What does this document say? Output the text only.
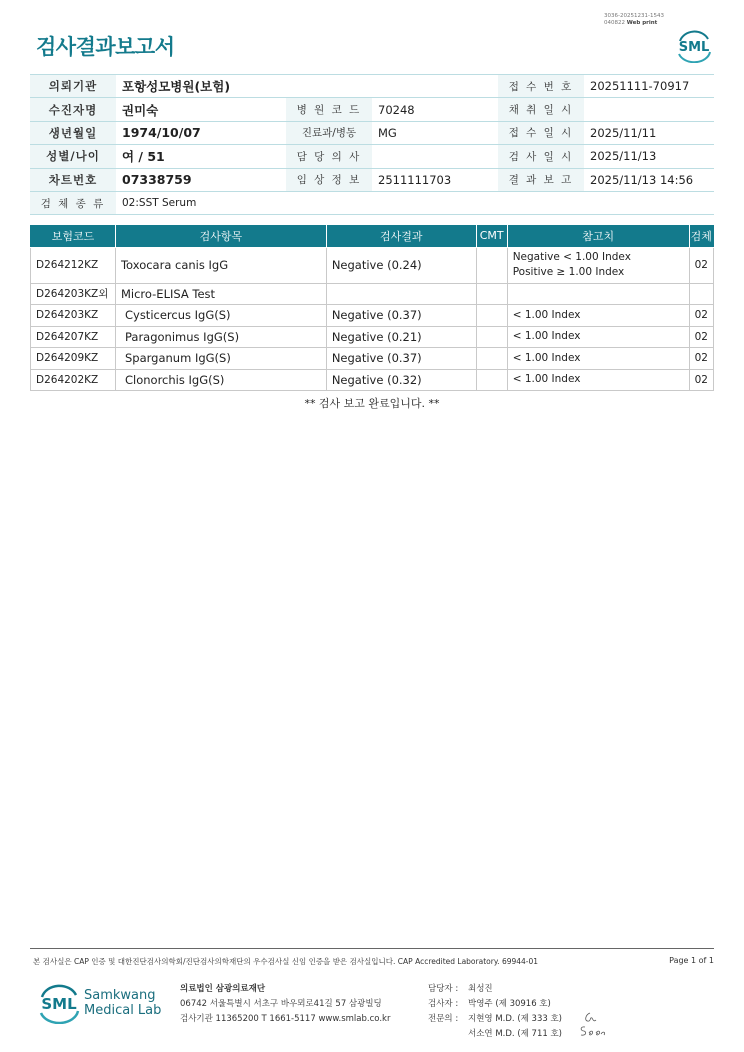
3036-20251231-1543
040822 Web print
검사결과보고서	SML
의뢰기관	포항성모병원(보험)			접 수 번 호	20251111-70917
수진자명	권미숙	병 원 코 드	70248	채 취 일 시	
생년월일	1974/10/07	진료과/병동	MG	접 수 일 시	2025/11/11
성별/나이	여 / 51	담 당 의 사		검 사 일 시	2025/11/13
차트번호	07338759	임 상 정 보	2511111703	결 과 보 고	2025/11/13 14:56
검 체 종 류	02:SST Serum				
보험코드	검사항목	검사결과	CMT	참고치	검체
D264212KZ	Toxocara canis IgG	Negative (0.24)		Negative < 1.00 Index
Positive ≥ 1.00 Index	02
D264203KZ외	Micro-ELISA Test				
D264203KZ	Cysticercus IgG(S)	Negative (0.37)		< 1.00 Index	02
D264207KZ	Paragonimus IgG(S)	Negative (0.21)		< 1.00 Index	02
D264209KZ	Sparganum IgG(S)	Negative (0.37)		< 1.00 Index	02
D264202KZ	Clonorchis IgG(S)	Negative (0.32)		< 1.00 Index	02
** 검사 보고 완료입니다. **
본 검사실은 CAP 인증 및 대한진단검사의학회/진단검사의학재단의 우수검사실 신임 인증을 받은 검사실입니다. CAP Accredited Laboratory. 69944-01	Page 1 of 1
SML Samkwang
Medical Lab
의료법인 삼광의료재단
06742 서울특별시 서초구 바우뫼로41길 57 삼광빌딩
검사기관 11365200 T 1661-5117 www.smlab.co.kr
담당자 : 최성진
검사자 : 박영주 (제 30916 호)
전문의 : 지현영 M.D. (제 333 호)
서소연 M.D. (제 711 호)
